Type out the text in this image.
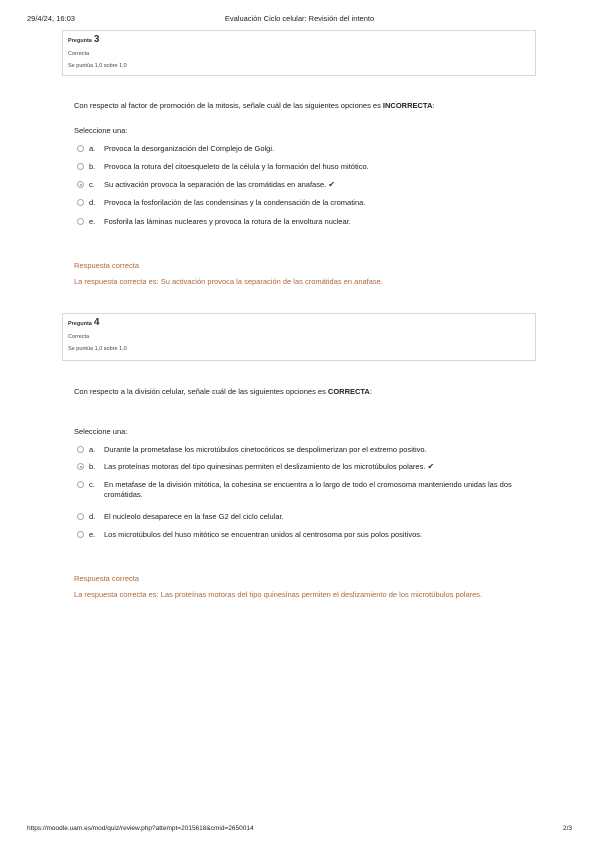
29/4/24, 16:03	Evaluación Ciclo celular: Revisión del intento
Pregunta 3
Correcta
Se puntúa 1,0 sobre 1,0
Con respecto al factor de promoción de la mitosis, señale cuál de las siguientes opciones es INCORRECTA:
Seleccione una:
a. Provoca la desorganización del Complejo de Golgi.
b. Provoca la rotura del citoesqueleto de la célula y la formación del huso mitótico.
c. Su activación provoca la separación de las cromátidas en anafase. ✔
d. Provoca la fosforilación de las condensinas y la condensación de la cromatina.
e. Fosforila las láminas nucleares y provoca la rotura de la envoltura nuclear.
Respuesta correcta
La respuesta correcta es: Su activación provoca la separación de las cromátidas en anafase.
Pregunta 4
Correcta
Se puntúa 1,0 sobre 1,0
Con respecto a la división celular, señale cuál de las siguientes opciones es CORRECTA:
Seleccione una:
a. Durante la prometafase los microtúbulos cinetocóricos se despolimerizan por el extremo positivo.
b. Las proteínas motoras del tipo quinesinas permiten el deslizamiento de los microtúbulos polares. ✔
c. En metafase de la división mitótica, la cohesina se encuentra a lo largo de todo el cromosoma manteniendo unidas las dos cromátidas.
d. El nucleolo desaparece en la fase G2 del ciclo celular.
e. Los microtúbulos del huso mitótico se encuentran unidos al centrosoma por sus polos positivos.
Respuesta correcta
La respuesta correcta es: Las proteínas motoras del tipo quinesinas permiten el deslizamiento de los microtúbulos polares.
https://moodle.uam.es/mod/quiz/review.php?attempt=2015618&cmid=2650014	2/3
